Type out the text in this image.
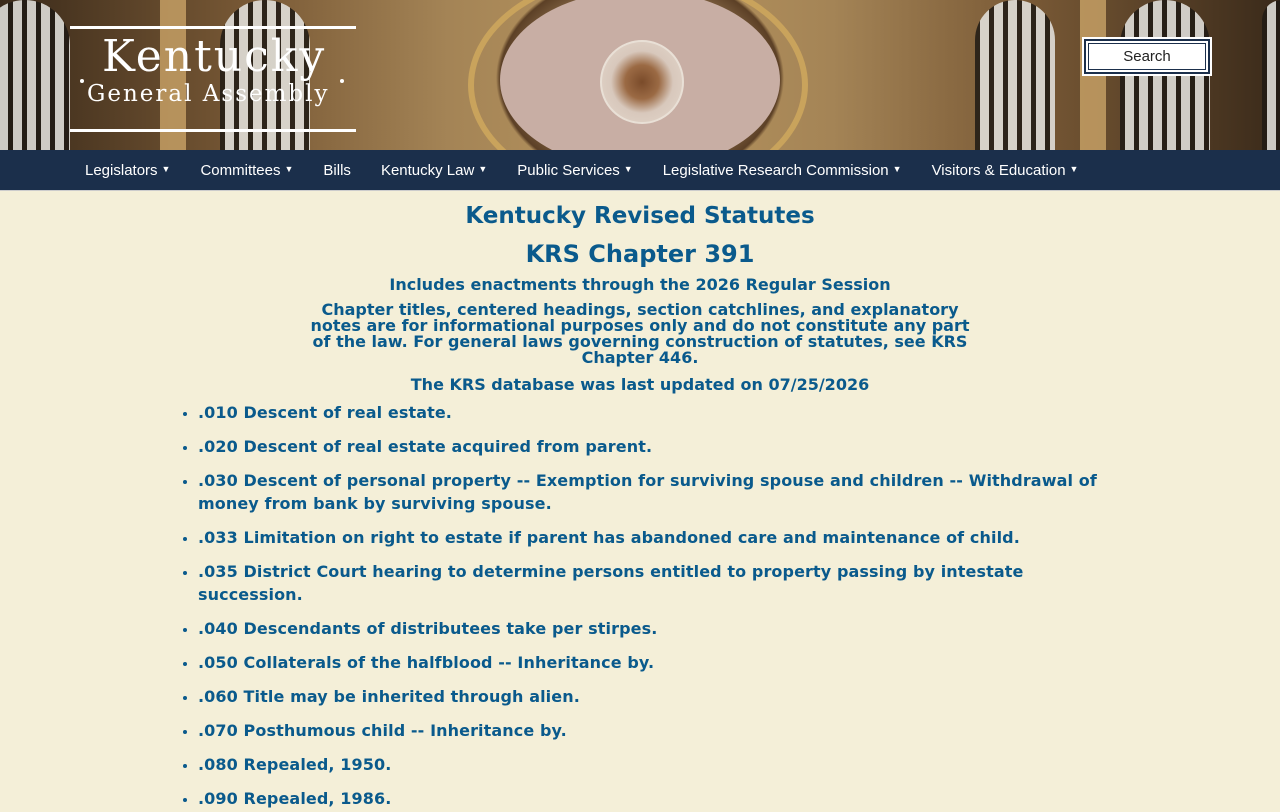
Kentucky
General Assembly
Search
Legislators ▼ Committees ▼ Bills Kentucky Law ▼ Public Services ▼ Legislative Research Commission ▼ Visitors & Education ▼
Kentucky Revised Statutes
KRS Chapter 391
Includes enactments through the 2026 Regular Session
Chapter titles, centered headings, section catchlines, and explanatory notes are for informational purposes only and do not constitute any part of the law. For general laws governing construction of statutes, see KRS Chapter 446.
The KRS database was last updated on 07/25/2026
• .010 Descent of real estate.
• .020 Descent of real estate acquired from parent.
• .030 Descent of personal property -- Exemption for surviving spouse and children -- Withdrawal of money from bank by surviving spouse.
• .033 Limitation on right to estate if parent has abandoned care and maintenance of child.
• .035 District Court hearing to determine persons entitled to property passing by intestate succession.
• .040 Descendants of distributees take per stirpes.
• .050 Collaterals of the halfblood -- Inheritance by.
• .060 Title may be inherited through alien.
• .070 Posthumous child -- Inheritance by.
• .080 Repealed, 1950.
• .090 Repealed, 1986.
